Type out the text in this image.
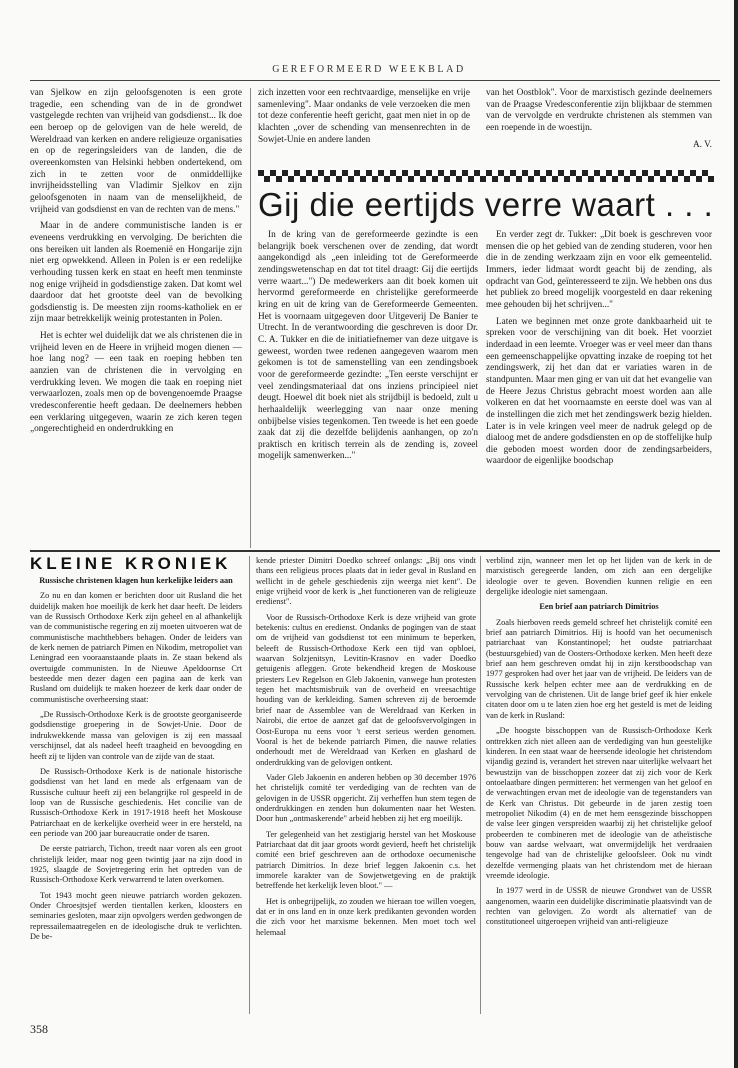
GEREFORMEERD WEEKBLAD

van Sjelkow en zijn geloofsgenoten is een grote tragedie, een schending van de in de grondwet vastgelegde rechten van vrijheid van godsdienst... Ik doe een beroep op de gelovigen van de hele wereld, de Wereldraad van kerken en andere religieuze organisaties en op de regeringsleiders van de landen, die de overeenkomsten van Helsinki hebben ondertekend, om zich in te zetten voor de onmiddellijke invrijheidsstelling van Vladimir Sjelkov en zijn geloofsgenoten in naam van de menselijkheid, de vrijheid van godsdienst en van de rechten van de mens."

Maar in de andere communistische landen is er eveneens verdrukking en vervolging. De berichten die ons bereiken uit landen als Roemenië en Hongarije zijn niet erg opwekkend. Alleen in Polen is er een redelijke verhouding tussen kerk en staat en heeft men tenminste nog enige vrijheid in godsdienstige zaken. Dat komt wel daardoor dat het grootste deel van de bevolking godsdienstig is. De meesten zijn rooms-katholiek en er zijn maar betrekkelijk weinig protestanten in Polen.

Het is echter wel duidelijk dat we als christenen die in vrijheid leven en de Heere in vrijheid mogen dienen — hoe lang nog? — een taak en roeping hebben ten aanzien van de christenen die in vervolging en verdrukking leven. We mogen die taak en roeping niet verwaarlozen, zoals men op de bovengenoemde Praagse vredesconferentie heeft gedaan. De deelnemers hebben een verklaring uitgegeven, waarin ze zich keren tegen „ongerechtigheid en onderdrukking en

zich inzetten voor een rechtvaardige, menselijke en vrije samenleving". Maar ondanks de vele verzoeken die men tot deze conferentie heeft gericht, gaat men niet in op de klachten „over de schending van mensenrechten in de Sowjet-Unie en andere landen

van het Oostblok". Voor de marxistisch gezinde deelnemers van de Praagse Vredesconferentie zijn blijkbaar de stemmen van de vervolgde en verdrukte christenen als stemmen van een roepende in de woestijn.

A. V.

Gij die eertijds verre waart . . .

In de kring van de gereformeerde gezindte is een belangrijk boek verschenen over de zending, dat wordt aangekondigd als „een inleiding tot de Gereformeerde zendingswetenschap en dat tot titel draagt: Gij die eertijds verre waart...") De medewerkers aan dit boek komen uit hervormd gereformeerde en christelijke gereformeerde kring en uit de kring van de Gereformeerde Gemeenten. Het is voornaam uitgegeven door Uitgeverij De Banier te Utrecht. In de verantwoording die geschreven is door Dr. C. A. Tukker en die de initiatiefnemer van deze uitgave is geweest, worden twee redenen aangegeven waarom men gekomen is tot de samenstelling van een zendingsboek voor de gereformeerde gezindte: „Ten eerste verschijnt er veel zendingsmateriaal dat ons inziens principieel niet deugt. Hoewel dit boek niet als strijdbijl is bedoeld, zult u herhaaldelijk weerlegging van naar onze mening onbijbelse visies tegenkomen. Ten tweede is het een goede zaak dat zij die dezelfde belijdenis aanhangen, op zo'n praktisch en kritisch terrein als de zending is, zoveel mogelijk samenwerken..."

En verder zegt dr. Tukker: „Dit boek is geschreven voor mensen die op het gebied van de zending studeren, voor hen die in de zending werkzaam zijn en voor elk gemeentelid. Immers, ieder lidmaat wordt geacht bij de zending, als opdracht van God, geïnteresseerd te zijn. We hebben ons dus het publiek zo breed mogelijk voorgesteld en daar rekening mee gehouden bij het schrijven..."

Laten we beginnen met onze grote dankbaarheid uit te spreken voor de verschijning van dit boek. Het voorziet inderdaad in een leemte. Vroeger was er veel meer dan thans een gemeenschappelijke opvatting inzake de roeping tot het zendingswerk, zij het dan dat er variaties waren in de standpunten. Maar men ging er van uit dat het evangelie van de Heere Jezus Christus gebracht moest worden aan alle volkeren en dat het voornaamste en eerste doel was van al de instellingen die zich met het zendingswerk bezig hielden. Later is in vele kringen veel meer de nadruk gelegd op de dialoog met de andere godsdiensten en op de stoffelijke hulp die geboden moest worden door de zendingsarbeiders, waardoor de eigenlijke boodschap

KLEINE KRONIEK

Russische christenen klagen hun kerkelijke leiders aan

Zo nu en dan komen er berichten door uit Rusland die het duidelijk maken hoe moeilijk de kerk het daar heeft. De leiders van de Russisch Orthodoxe Kerk zijn geheel en al afhankelijk van de communistische regering en zij moeten uitvoeren wat de communistische machthebbers behagen. Onder de leiders van de kerk nemen de patriarch Pimen en Nikodim, metropoliet van Leningrad een vooraanstaande plaats in. Ze staan bekend als overtuigde communisten. In de Nieuwe Apeldoornse Crt besteedde men dezer dagen een pagina aan de kerk van Rusland om duidelijk te maken hoezeer de kerk daar onder de communistische overheersing staat:

„De Russisch-Orthodoxe Kerk is de grootste georganiseerde godsdienstige groepering in de Sowjet-Unie. Door de indrukwekkende massa van gelovigen is zij een massaal verschijnsel, dat als nadeel heeft traagheid en bevoogding en heeft zij te lijden van controle van de zijde van de staat.

De Russisch-Orthodoxe Kerk is de nationale historische godsdienst van het land en mede als erfgenaam van de Russische cultuur heeft zij een belangrijke rol gespeeld in de loop van de Russische geschiedenis. Het concilie van de Russisch-Orthodoxe Kerk in 1917-1918 heeft het Moskouse Patriarchaat en de kerkelijke overheid weer in ere hersteld, na een periode van 200 jaar bureaucratie onder de tsaren.

De eerste patriarch, Tichon, treedt naar voren als een groot christelijk leider, maar nog geen twintig jaar na zijn dood in 1925, slaagde de Sovjetregering erin het optreden van de Russisch-Orthodoxe Kerk verwarrend te laten overkomen.

Tot 1943 mocht geen nieuwe patriarch worden gekozen. Onder Chroesjtsjef werden tientallen kerken, kloosters en seminaries gesloten, maar zijn opvolgers werden gedwongen de repressailemaatregelen en de ideologische druk te verlichten. De be-

kende priester Dimitri Doedko schreef onlangs: „Bij ons vindt thans een religieus proces plaats dat in ieder geval in Rusland en wellicht in de gehele geschiedenis zijn weerga niet kent". De enige vrijheid voor de kerk is „het functioneren van de religieuze eredienst".

Voor de Russisch-Orthodoxe Kerk is deze vrijheid van grote betekenis: cultus en eredienst. Ondanks de pogingen van de staat om de vrijheid van godsdienst tot een minimum te beperken, beleeft de Russisch-Orthodoxe Kerk een tijd van opbloei, waarvan Solzjenitsyn, Levitin-Krasnov en vader Doedko getuigenis afleggen. Grote bekendheid kregen de Moskouse priesters Lev Regelson en Gleb Jakoenin, vanwege hun protesten tegen het machtsmisbruik van de overheid en vreesachtige houding van de kerkleiding. Samen schreven zij de beroemde brief naar de Assemblee van de Wereldraad van Kerken in Nairobi, die ertoe de aanzet gaf dat de geloofsvervolgingen in Oost-Europa nu eens voor 't eerst serieus werden genomen. Vooral is het de bekende patriarch Pimen, die nauwe relaties onderhoudt met de Wereldraad van Kerken en glashard de onderdrukking van de gelovigen ontkent.

Vader Gleb Jakoenin en anderen hebben op 30 december 1976 het christelijk comité ter verdediging van de rechten van de gelovigen in de USSR opgericht. Zij verheffen hun stem tegen de onderdrukkingen en zenden hun dokumenten naar het Westen. Door hun „ontmaskerende" arbeid hebben zij het erg moeilijk.

Ter gelegenheid van het zestigjarig herstel van het Moskouse Patriarchaat dat dit jaar groots wordt gevierd, heeft het christelijk comité een brief geschreven aan de orthodoxe oecumenische patriarch Dimitrios. In deze brief leggen Jakoenin c.s. het immorele karakter van de Sowjetwetgeving en de praktijk betreffende het kerkelijk leven bloot." —

Het is onbegrijpelijk, zo zouden we hieraan toe willen voegen, dat er in ons land en in onze kerk predikanten gevonden worden die zich voor het marxisme bekennen. Men moet toch wel helemaal

verblind zijn, wanneer men let op het lijden van de kerk in de marxistisch geregeerde landen, om zich aan een dergelijke ideologie over te geven. Bovendien kunnen religie en een dergelijke ideologie niet samengaan.

Een brief aan patriarch Dimitrios

Zoals hierboven reeds gemeld schreef het christelijk comité een brief aan patriarch Dimitrios. Hij is hoofd van het oecumenisch patriarchaat van Konstantinopel; het oudste patriarchaat (bestuursgebied) van de Oosters-Orthodoxe kerken. Men heeft deze brief aan hem geschreven omdat hij in zijn kerstboodschap van 1977 gesproken had over het jaar van de vrijheid. De leiders van de Russische kerk helpen echter mee aan de verdrukking en de vervolging van de christenen. Uit de lange brief geef ik hier enkele citaten door om u te laten zien hoe erg het gesteld is met de leiding van de kerk in Rusland:

„De hoogste bisschoppen van de Russisch-Orthodoxe Kerk onttrekken zich niet alleen aan de verdediging van hun geestelijke kinderen. In een staat waar de heersende ideologie het christendom vijandig gezind is, verandert het streven naar uiterlijke welvaart het bewustzijn van de bisschoppen zozeer dat zij zich voor de Kerk ontoelaatbare dingen permitteren: het vermengen van het geloof en de verwachtingen ervan met de ideologie van de tegenstanders van de Kerk van Christus. Dit gebeurde in de jaren zestig toen metropoliet Nikodim (4) en de met hem eensgezinde bisschoppen de valse leer gingen verspreiden waarbij zij het christelijke geloof probeerden te combineren met de ideologie van de atheïstische bouw van aardse welvaart, wat onvermijdelijk het verdraaien tengevolge had van de christelijke geloofsleer. Ook nu vindt dezelfde vermenging plaats van het christendom met de hieraan vreemde ideologie.

In 1977 werd in de USSR de nieuwe Grondwet van de USSR aangenomen, waarin een duidelijke discriminatie plaatsvindt van de rechten van gelovigen. Zo wordt als alternatief van de constitutioneel uitgeroepen vrijheid van anti-religieuze

358
